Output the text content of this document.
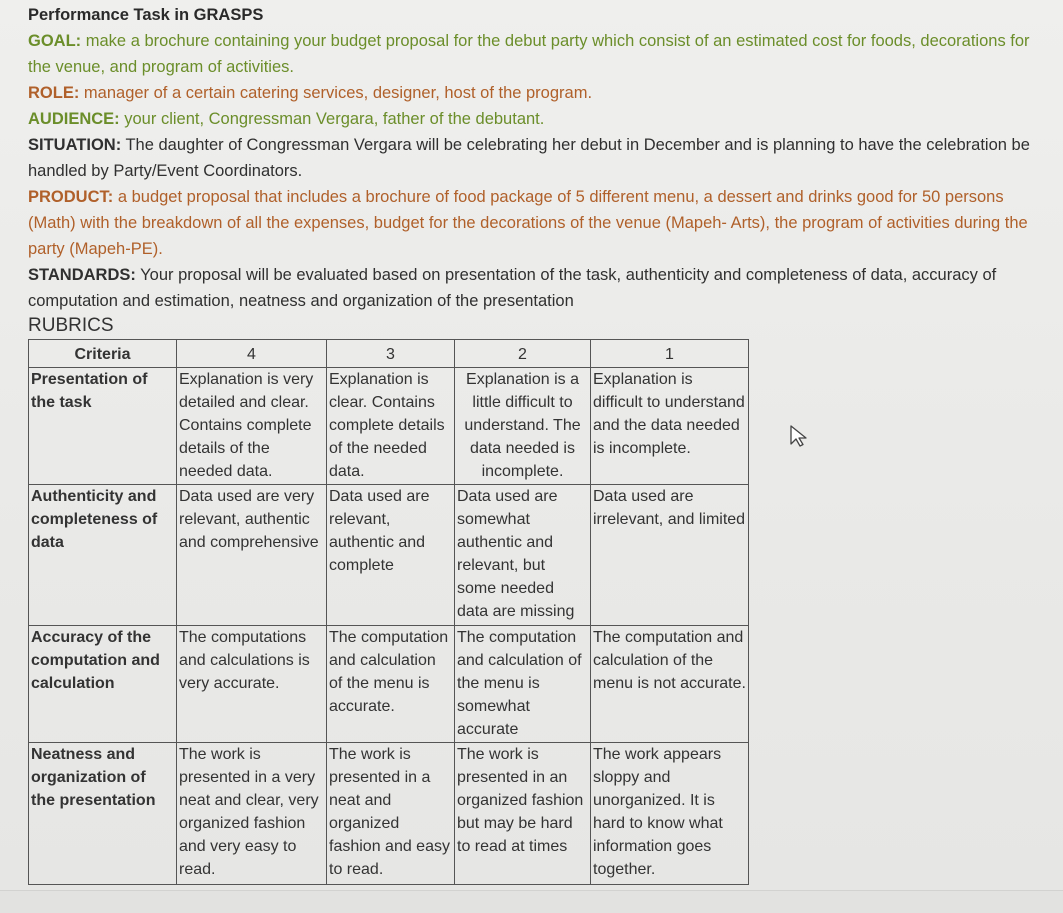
Performance Task in GRASPS

GOAL: make a brochure containing your budget proposal for the debut party which consist of an estimated cost for foods, decorations for the venue, and program of activities.

ROLE: manager of a certain catering services, designer, host of the program.

AUDIENCE: your client, Congressman Vergara, father of the debutant.

SITUATION: The daughter of Congressman Vergara will be celebrating her debut in December and is planning to have the celebration be handled by Party/Event Coordinators.

PRODUCT: a budget proposal that includes a brochure of food package of 5 different menu, a dessert and drinks good for 50 persons (Math) with the breakdown of all the expenses, budget for the decorations of the venue (Mapeh- Arts), the program of activities during the party (Mapeh-PE).

STANDARDS: Your proposal will be evaluated based on presentation of the task, authenticity and completeness of data, accuracy of computation and estimation, neatness and organization of the presentation

RUBRICS

Criteria	4	3	2	1
Presentation of the task	Explanation is very detailed and clear. Contains complete details of the needed data.	Explanation is clear. Contains complete details of the needed data.	Explanation is a little difficult to understand. The data needed is incomplete.	Explanation is difficult to understand and the data needed is incomplete.
Authenticity and completeness of data	Data used are very relevant, authentic and comprehensive	Data used are relevant, authentic and complete	Data used are somewhat authentic and relevant, but some needed data are missing	Data used are irrelevant, and limited
Accuracy of the computation and calculation	The computations and calculations is very accurate.	The computation and calculation of the menu is accurate.	The computation and calculation of the menu is somewhat accurate	The computation and calculation of the menu is not accurate.
Neatness and organization of the presentation	The work is presented in a very neat and clear, very organized fashion and very easy to read.	The work is presented in a neat and organized fashion and easy to read.	The work is presented in an organized fashion but may be hard to read at times	The work appears sloppy and unorganized. It is hard to know what information goes together.
